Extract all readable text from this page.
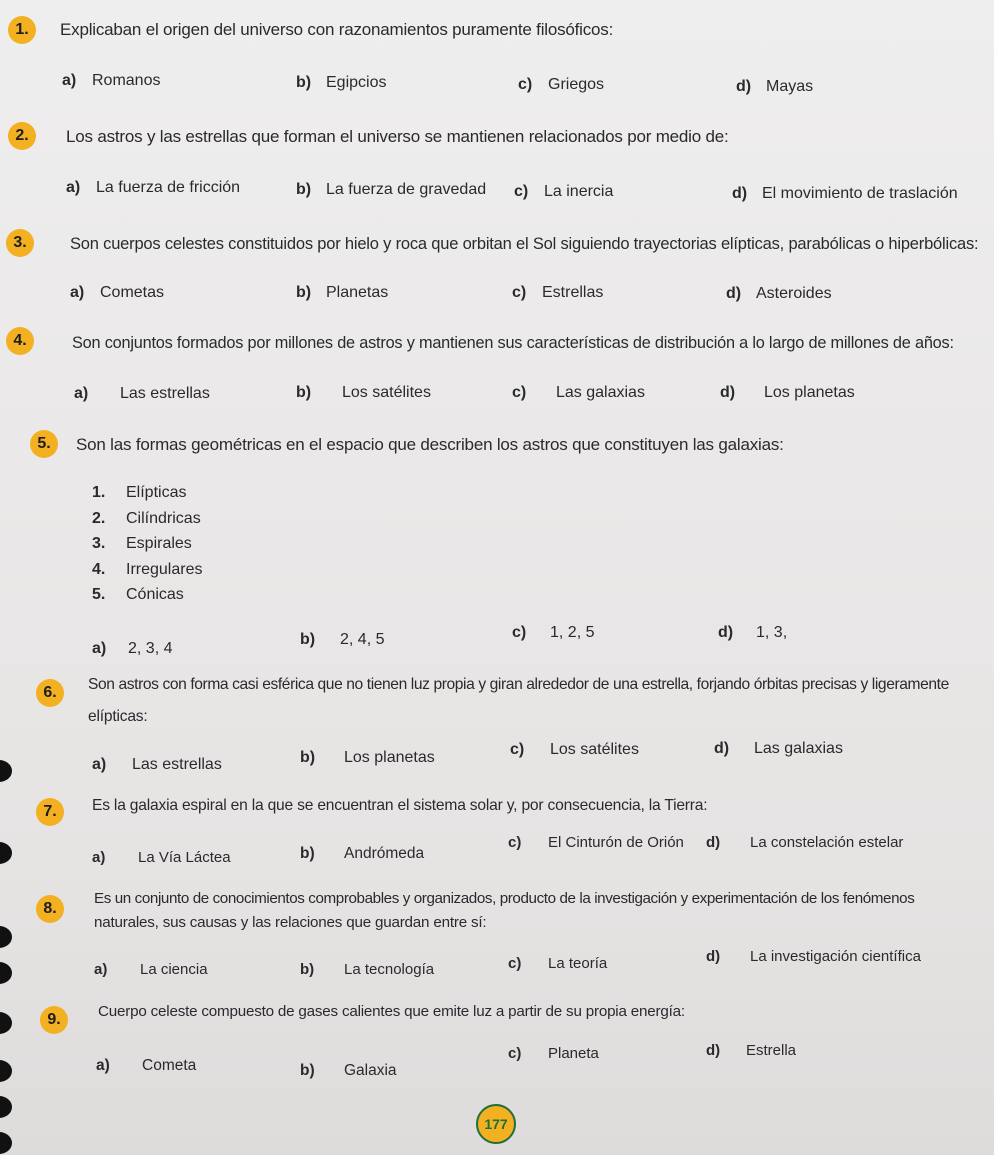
1.	Explicaban el origen del universo con razonamientos puramente filosóficos:
a) Romanos	b) Egipcios	c) Griegos	d) Mayas
2.	Los astros y las estrellas que forman el universo se mantienen relacionados por medio de:
a) La fuerza de fricción	b) La fuerza de gravedad c) La inercia	d) El movimiento de traslación
3.	Son cuerpos celestes constituidos por hielo y roca que orbitan el Sol siguiendo trayectorias elípticas, parabólicas o hiperbólicas:
a) Cometas	b) Planetas	c) Estrellas	d) Asteroides
4.	Son conjuntos formados por millones de astros y mantienen sus características de distribución a lo largo de millones de años:
a) Las estrellas	b) Los satélites	c) Las galaxias	d) Los planetas
5.	Son las formas geométricas en el espacio que describen los astros que constituyen las galaxias:
1. Elípticas
2. Cilíndricas
3. Espirales
4. Irregulares
5. Cónicas
a) 2, 3, 4
b) 2, 4, 5	c) 1, 2, 5	d) 1, 3,
6.	Son astros con forma casi esférica que no tienen luz propia y giran alrededor de una estrella, forjando órbitas precisas y ligeramente
elípticas:
a) Las estrellas	b) Los planetas	c) Los satélites	d) Las galaxias
7.	Es la galaxia espiral en la que se encuentran el sistema solar y, por consecuencia, la Tierra:
a) La Vía Láctea	b) Andrómeda
c) El Cinturón de Orión d) La constelación estelar
8.
Es un conjunto de conocimientos comprobables y organizados, producto de la investigación y experimentación de los fenómenos
naturales, sus causas y las relaciones que guardan entre sí:
a) La ciencia	b) La tecnología	c) La teoría	d) La investigación científica
9.	Cuerpo celeste compuesto de gases calientes que emite luz a partir de su propia energía:
a) Cometa	b) Galaxia
c) Planeta	d) Estrella
177
